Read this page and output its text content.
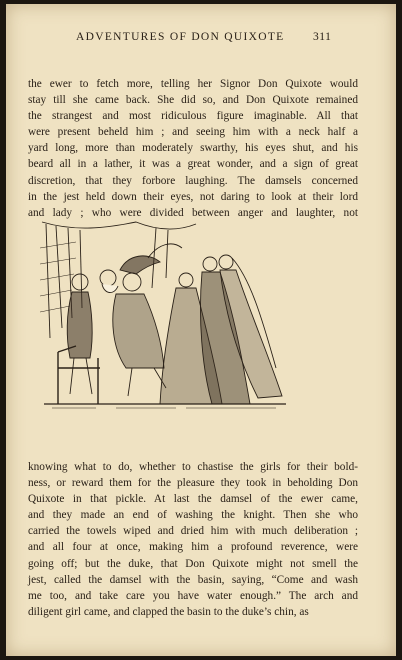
ADVENTURES OF DON QUIXOTE 311
the ewer to fetch more, telling her Signor Don Quixote would
stay till she came back. She did so, and Don Quixote remained
the strangest and most ridiculous figure imaginable. All that
were present beheld him ; and seeing him with a neck half a
yard long, more than moderately swarthy, his eyes shut, and his
beard all in a lather, it was a great wonder, and a sign of great
discretion, that they forbore laughing. The damsels concerned
in the jest held down their eyes, not daring to look at their lord
and lady ; who were divided between anger and laughter, not
knowing what to do, whether to chastise the girls for their bold-
ness, or reward them for the pleasure they took in beholding Don
Quixote in that pickle. At last the damsel of the ewer came,
and they made an end of washing the knight. Then she who
carried the towels wiped and dried him with much deliberation ;
and all four at once, making him a profound reverence, were
going off; but the duke, that Don Quixote might not smell the
jest, called the damsel with the basin, saying, “Come and wash
me too, and take care you have water enough.” The arch and
diligent girl came, and clapped the basin to the duke’s chin, as
